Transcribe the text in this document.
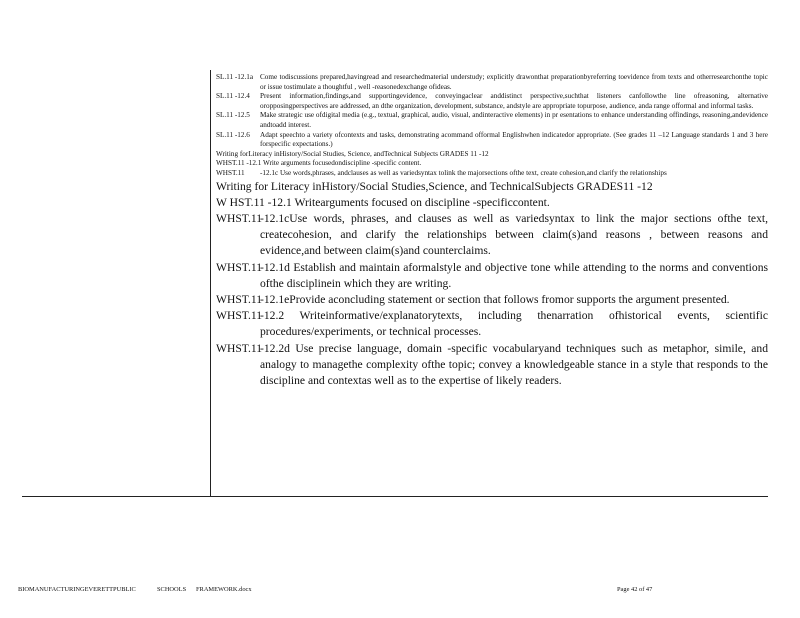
SL.11 -12.1a Come todiscussions prepared,havingread and researchedmaterial understudy; explicitly drawonthat preparationbyreferring toevidence from texts and otherresearchonthe topic or issue tostimulate a thoughtful , well -reasonedexchange ofideas.
SL.11 -12.4 Present information,findings,and supportingevidence, conveyingaclear anddistinct perspective,suchthat listeners canfollowthe line ofreasoning, alternative oropposingperspectives are addressed, an dthe organization, development, substance, andstyle are appropriate topurpose, audience, anda range offormal and informal tasks.
SL.11 -12.5 Make strategic use ofdigital media (e.g., textual, graphical, audio, visual, andinteractive elements) in pr esentations to enhance understanding offindings, reasoning,andevidence andtoadd interest.
SL.11 -12.6 Adapt speechto a variety ofcontexts and tasks, demonstrating acommand offormal Englishwhen indicatedor appropriate. (See grades 11 –12 Language standards 1 and 3 here forspecific expectations.)
Writing forLiteracy inHistory/Social Studies, Science, andTechnical Subjects GRADES 11 -12
WHST.11 -12.1 Write arguments focusedondiscipline -specific content.
WHST.11 -12.1c Use words,phrases, andclauses as well as variedsyntax tolink the majorsections ofthe text, create cohesion,and clarify the relationships
Writing for Literacy inHistory/Social Studies,Science, and TechnicalSubjects GRADES11 -12
W HST.11 -12.1 Writearguments focused on discipline -specificcontent.
WHST.11
-12.1cUse words, phrases, and clauses as well as variedsyntax to link the major sections ofthe text, createcohesion, and clarify the relationships between claim(s)and reasons , between reasons and evidence,and between claim(s)and counterclaims.
WHST.11
-12.1d Establish and maintain aformalstyle and objective tone while attending to the norms and conventions ofthe disciplinein which they are writing.
WHST.11
-12.1eProvide aconcluding statement or section that follows fromor supports the argument presented.
WHST.11
-12.2 Writeinformative/explanatorytexts, including thenarration ofhistorical events, scientific procedures/experiments, or technical processes.
WHST.11
-12.2d Use precise language, domain -specific vocabularyand techniques such as metaphor, simile, and analogy to managethe complexity ofthe topic; convey a knowledgeable stance in a style that responds to the discipline and contextas well as to the expertise of likely readers.
BIOMANUFACTURINGEVERETTPUBLIC	SCHOOLS FRAMEWORK.docx	Page 42 of 47
